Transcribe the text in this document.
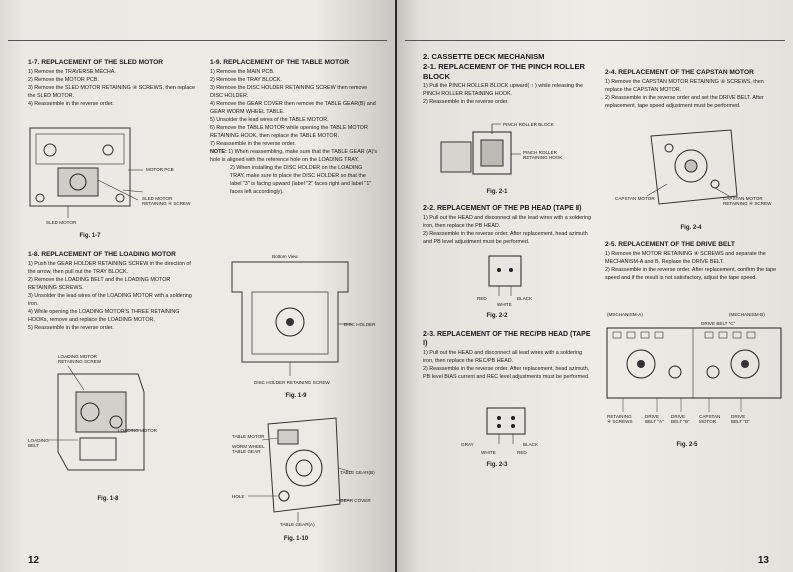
1-7. REPLACEMENT OF THE SLED MOTOR

1) Remove the TRAVERSE MECHA.

2) Remove the MOTOR PCB.

3) Remove the SLED MOTOR RETAINING ④ SCREWS, then replace the SLED MOTOR.

4) Reassemble in the reverse order.

MOTOR PCB
SLED MOTOR RETAINING ④ SCREW
SLED MOTOR
Fig. 1-7
1-8. REPLACEMENT OF THE LOADING MOTOR

1) Push the GEAR HOLDER RETAINING SCREW in the direction of the arrow, then pull out the TRAY BLOCK.

2) Remove the LOADING BELT and the LOADING MOTOR RETAINING SCREWS.

3) Unsolder the lead wires of the LOADING MOTOR with a soldering iron.

4) While opening the LOADING MOTOR'S THREE RETAINING HOOKs, remove and replace the LOADING MOTOR.

5) Reassemble in the reverse order.

LOADING MOTOR RETAINING SCREW
LOADING BELT
LOADING MOTOR
Fig. 1-8
1-9. REPLACEMENT OF THE TABLE MOTOR

1) Remove the MAIN PCB.

2) Remove the TRAY BLOCK.

3) Remove the DISC HOLDER RETAINING SCREW then remove DISC HOLDER.

4) Remove the GEAR COVER then remove the TABLE GEAR(B) and GEAR WORM WHEEL TABLE.

5) Unsolder the lead wires of the TABLE MOTOR.

6) Remove the TABLE MOTOR while opening the TABLE MOTOR RETAINING HOOK, then replace the TABLE MOTOR.

7) Reassemble in the reverse order.

NOTE:

1) When reassembling, make sure that the TABLE GEAR (A)'s hole is aligned with the reference hole on the LOADING TRAY.

2) When installing the DISC HOLDER on the LOADING TRAY, make sure to place the DISC HOLDER so that the label "3" is facing upward (label "2" faces right and label "1" faces left accordingly).

Bottom View
DISC HOLDER
DISC HOLDER RETAINING SCREW
Fig. 1-9
TABLE MOTOR
WORM WHEEL TABLE GEAR
TABLE GEAR(B)
HOLE
GEAR COVER
TABLE GEAR(A)
Fig. 1-10
12
2. CASSETTE DECK MECHANISM
2-1. REPLACEMENT OF THE PINCH ROLLER BLOCK

1) Pull the PINCH ROLLER BLOCK upward( ↑ ) while releasing the PINCH ROLLER RETAINING HOOK.

2) Reassemble in the reverse order.

PINCH ROLLER BLOCK
PINCH ROLLER RETAINING HOOK
Fig. 2-1
2-2. REPLACEMENT OF THE PB HEAD (TAPE Ⅱ)

1) Pull out the HEAD and disconnect all the lead wires with a soldering iron, then replace the PB HEAD.

2) Reassemble in the reverse order. After replacement, head azimuth and PB level adjustment must be performed.

RED	BLACK
WHITE
Fig. 2-2
2-3. REPLACEMENT OF THE REC/PB HEAD (TAPE Ⅰ)

1) Pull out the HEAD and disconnect all lead wires with a soldering iron, then replace the REC/PB HEAD.

2) Reassemble in the reverse order. After replacement, head azimuth, PB level BIAS current and REC level adjustments must be performed.

GRAY
WHITE
BLACK
RED
Fig. 2-3
2-4. REPLACEMENT OF THE CAPSTAN MOTOR

1) Remove the CAPSTAN MOTOR RETAINING ④ SCREWS, then replace the CAPSTAN MOTOR.

2) Reassemble in the reverse order and set the DRIVE BELT. After replacement, tape speed adjustment must be performed.

CAPSTAN MOTOR	CAPSTAN MOTOR RETAINING ④ SCREW
Fig. 2-4
2-5. REPLACEMENT OF THE DRIVE BELT

1) Remove the MOTOR RETAINING ④ SCREWS and separate the MECHANISM-A and B. Replace the DRIVE BELT.

2) Reassemble in the reverse order. After replacement, confirm the tape speed and if the result is not satisfactory, adjust the tape speed.

(MECHANISM-A)	(MECHANISM-B)
DRIVE BELT "C"
RETAINING ④ SCREWS
DRIVE BELT "A"
DRIVE BELT "B"
CAPSTAN MOTOR
DRIVE BELT "D"
Fig. 2-5
13
